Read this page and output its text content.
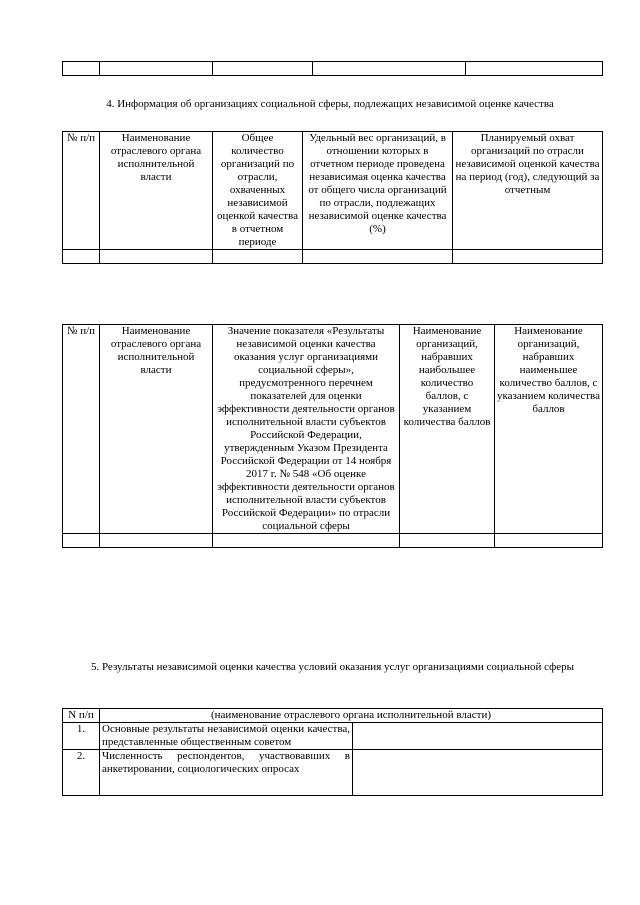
4. Информация об организациях социальной сферы, подлежащих независимой оценке качества
№ п/п	Наименование отраслевого органа исполнительной власти	Общее количество организаций по отрасли, охваченных независимой оценкой качества в отчетном периоде	Удельный вес организаций, в отношении которых в отчетном периоде проведена независимая оценка качества от общего числа организаций по отрасли, подлежащих независимой оценке качества (%)	Планируемый охват организаций по отрасли независимой оценкой качества на период (год), следующий за отчетным

№ п/п	Наименование отраслевого органа исполнительной власти	Значение показателя «Результаты независимой оценки качества оказания услуг организациями социальной сферы», предусмотренного перечнем показателей для оценки эффективности деятельности органов исполнительной власти субъектов Российской Федерации, утвержденным Указом Президента Российской Федерации от 14 ноября 2017 г. № 548 «Об оценке эффективности деятельности органов исполнительной власти субъектов Российской Федерации» по отрасли социальной сферы	Наименование организаций, набравших наибольшее количество баллов, с указанием количества баллов	Наименование организаций, набравших наименьшее количество баллов, с указанием количества баллов

5. Результаты независимой оценки качества условий оказания услуг организациями социальной сферы
N п/п	(наименование отраслевого органа исполнительной власти)	
1.	Основные результаты независимой оценки качества, представленные общественным советом	
2.	Численность респондентов, участвовавших в анкетировании, социологических опросах	
